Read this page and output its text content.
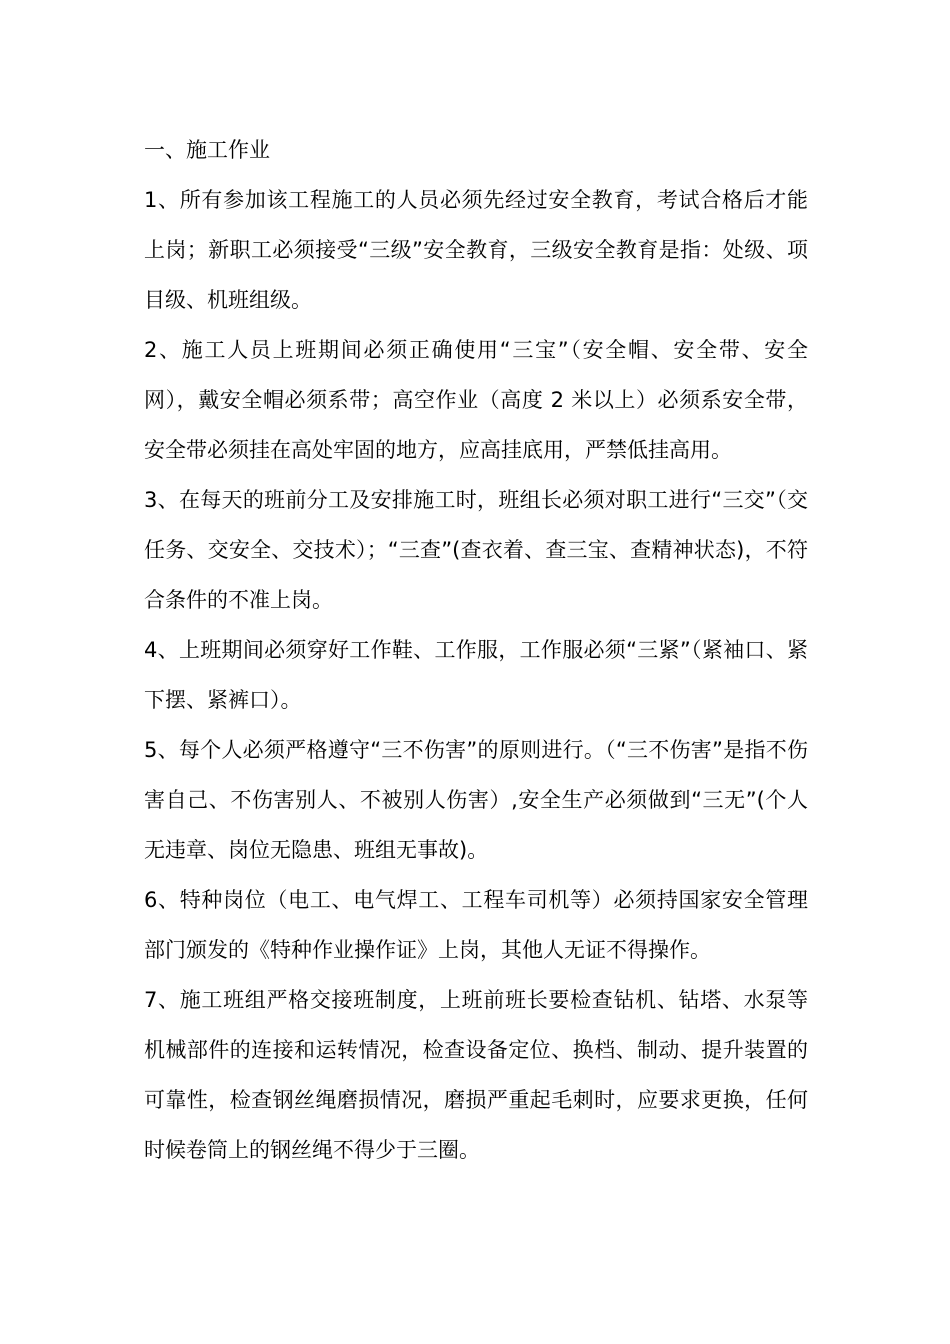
一、施工作业

1、所有参加该工程施工的人员必须先经过安全教育，考试合格后才能上岗；新职工必须接受“三级”安全教育，三级安全教育是指：处级、项目级、机班组级。

2、施工人员上班期间必须正确使用“三宝”（安全帽、安全带、安全网），戴安全帽必须系带；高空作业（高度 2 米以上）必须系安全带，安全带必须挂在高处牢固的地方，应高挂底用，严禁低挂高用。

3、在每天的班前分工及安排施工时，班组长必须对职工进行“三交”（交任务、交安全、交技术）；“三查”(查衣着、查三宝、查精神状态)，不符合条件的不准上岗。

4、上班期间必须穿好工作鞋、工作服，工作服必须“三紧”（紧袖口、紧下摆、紧裤口）。

5、每个人必须严格遵守“三不伤害”的原则进行。（“三不伤害”是指不伤害自己、不伤害别人、不被别人伤害）,安全生产必须做到“三无”(个人无违章、岗位无隐患、班组无事故)。

6、特种岗位（电工、电气焊工、工程车司机等）必须持国家安全管理部门颁发的《特种作业操作证》上岗，其他人无证不得操作。

7、施工班组严格交接班制度，上班前班长要检查钻机、钻塔、水泵等机械部件的连接和运转情况，检查设备定位、换档、制动、提升装置的可靠性，检查钢丝绳磨损情况，磨损严重起毛刺时，应要求更换，任何时候卷筒上的钢丝绳不得少于三圈。
